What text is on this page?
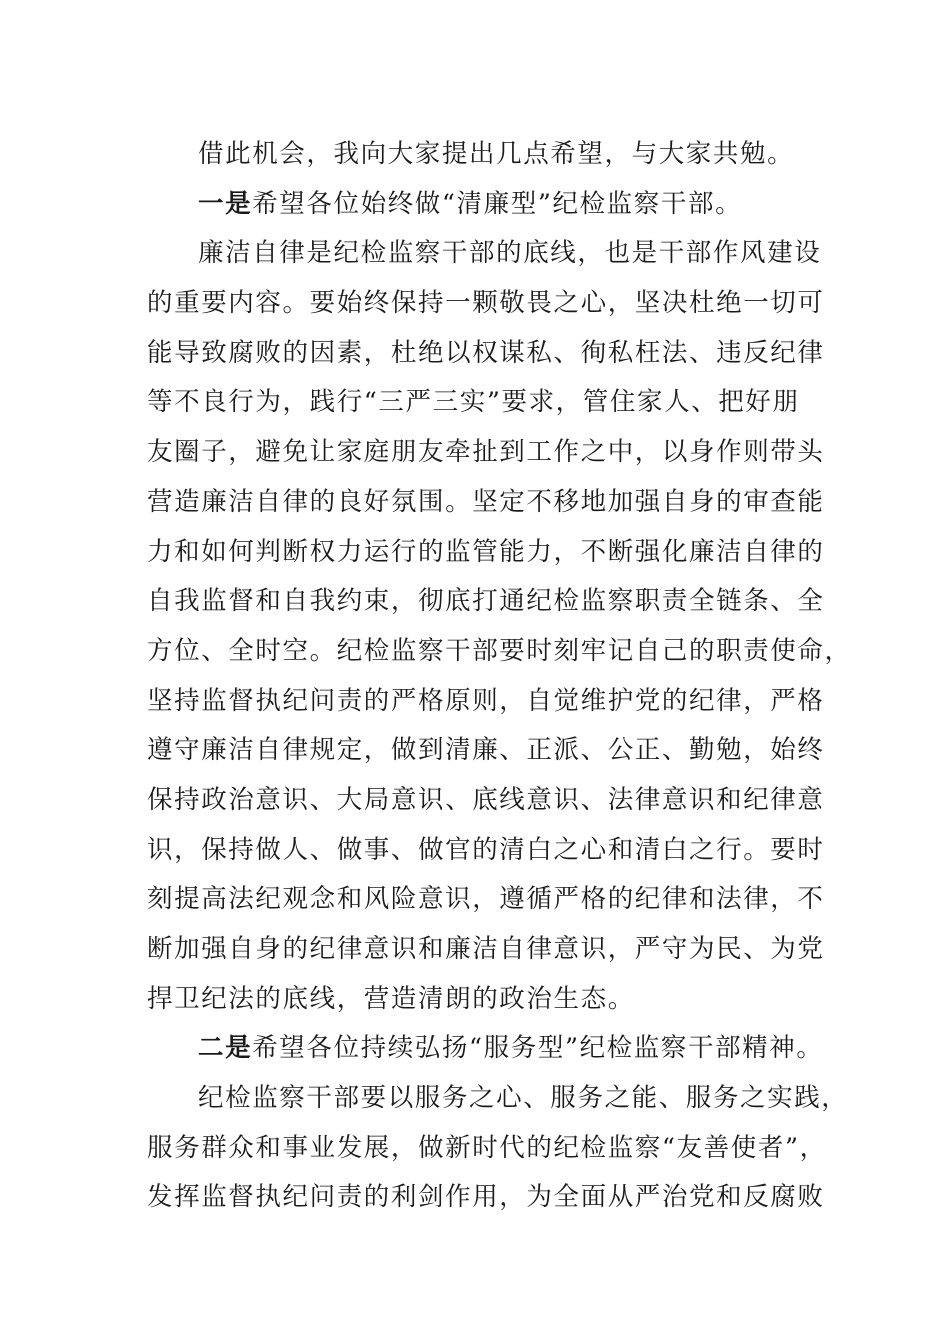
借此机会，我向大家提出几点希望，与大家共勉。
一是希望各位始终做“清廉型”纪检监察干部。
廉洁自律是纪检监察干部的底线，也是干部作风建设
的重要内容。要始终保持一颗敬畏之心，坚决杜绝一切可
能导致腐败的因素，杜绝以权谋私、徇私枉法、违反纪律
等不良行为，践行“三严三实”要求，管住家人、把好朋
友圈子，避免让家庭朋友牵扯到工作之中，以身作则带头
营造廉洁自律的良好氛围。坚定不移地加强自身的审查能
力和如何判断权力运行的监管能力，不断强化廉洁自律的
自我监督和自我约束，彻底打通纪检监察职责全链条、全
方位、全时空。纪检监察干部要时刻牢记自己的职责使命，
坚持监督执纪问责的严格原则，自觉维护党的纪律，严格
遵守廉洁自律规定，做到清廉、正派、公正、勤勉，始终
保持政治意识、大局意识、底线意识、法律意识和纪律意
识，保持做人、做事、做官的清白之心和清白之行。要时
刻提高法纪观念和风险意识，遵循严格的纪律和法律，不
断加强自身的纪律意识和廉洁自律意识，严守为民、为党
捍卫纪法的底线，营造清朗的政治生态。
二是希望各位持续弘扬“服务型”纪检监察干部精神。
纪检监察干部要以服务之心、服务之能、服务之实践，
服务群众和事业发展，做新时代的纪检监察“友善使者”，
发挥监督执纪问责的利剑作用，为全面从严治党和反腐败
